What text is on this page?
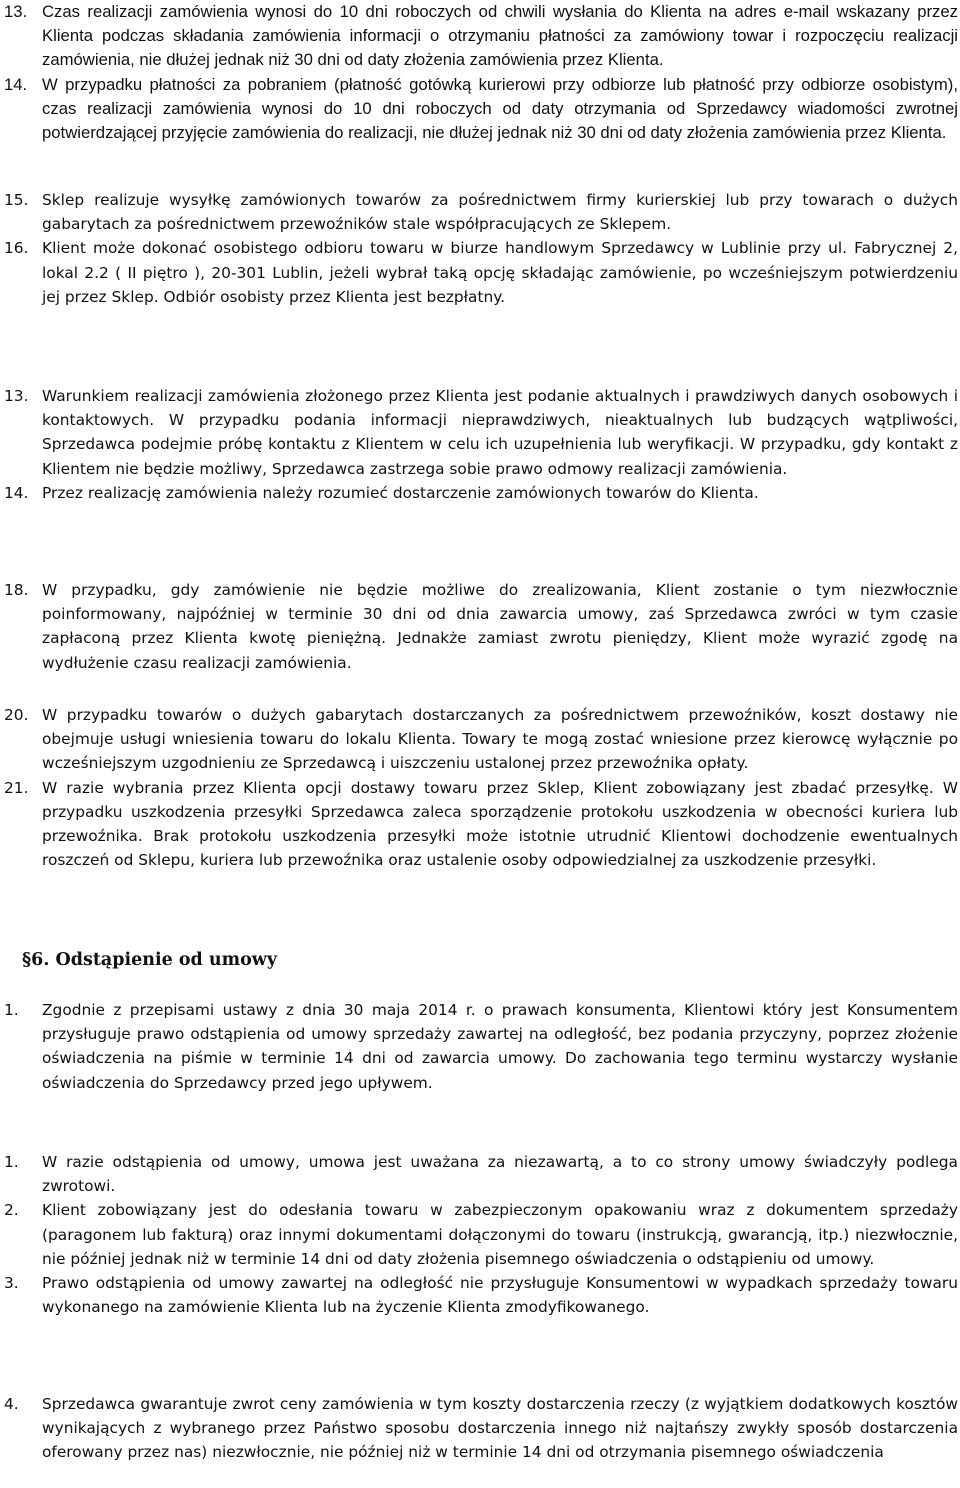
13. Czas realizacji zamówienia wynosi do 10 dni roboczych od chwili wysłania do Klienta na adres e-mail wskazany przez Klienta podczas składania zamówienia informacji o otrzymaniu płatności za zamówiony towar i rozpoczęciu realizacji zamówienia, nie dłużej jednak niż 30 dni od daty złożenia zamówienia przez Klienta.
14. W przypadku płatności za pobraniem (płatność gotówką kurierowi przy odbiorze lub płatność przy odbiorze osobistym), czas realizacji zamówienia wynosi do 10 dni roboczych od daty otrzymania od Sprzedawcy wiadomości zwrotnej potwierdzającej przyjęcie zamówienia do realizacji, nie dłużej jednak niż 30 dni od daty złożenia zamówienia przez Klienta.
15. Sklep realizuje wysyłkę zamówionych towarów za pośrednictwem firmy kurierskiej lub przy towarach o dużych gabarytach za pośrednictwem przewoźników stale współpracujących ze Sklepem.
16. Klient może dokonać osobistego odbioru towaru w biurze handlowym Sprzedawcy w Lublinie przy ul. Fabrycznej 2, lokal 2.2 ( II piętro ), 20-301 Lublin, jeżeli wybrał taką opcję składając zamówienie, po wcześniejszym potwierdzeniu jej przez Sklep. Odbiór osobisty przez Klienta jest bezpłatny.
13. Warunkiem realizacji zamówienia złożonego przez Klienta jest podanie aktualnych i prawdziwych danych osobowych i kontaktowych. W przypadku podania informacji nieprawdziwych, nieaktualnych lub budzących wątpliwości, Sprzedawca podejmie próbę kontaktu z Klientem w celu ich uzupełnienia lub weryfikacji. W przypadku, gdy kontakt z Klientem nie będzie możliwy, Sprzedawca zastrzega sobie prawo odmowy realizacji zamówienia.
14. Przez realizację zamówienia należy rozumieć dostarczenie zamówionych towarów do Klienta.
18. W przypadku, gdy zamówienie nie będzie możliwe do zrealizowania, Klient zostanie o tym niezwłocznie poinformowany, najpóźniej w terminie 30 dni od dnia zawarcia umowy, zaś Sprzedawca zwróci w tym czasie zapłaconą przez Klienta kwotę pieniężną. Jednakże zamiast zwrotu pieniędzy, Klient może wyrazić zgodę na wydłużenie czasu realizacji zamówienia.
20. W przypadku towarów o dużych gabarytach dostarczanych za pośrednictwem przewoźników, koszt dostawy nie obejmuje usługi wniesienia towaru do lokalu Klienta. Towary te mogą zostać wniesione przez kierowcę wyłącznie po wcześniejszym uzgodnieniu ze Sprzedawcą i uiszczeniu ustalonej przez przewoźnika opłaty.
21. W razie wybrania przez Klienta opcji dostawy towaru przez Sklep, Klient zobowiązany jest zbadać przesyłkę. W przypadku uszkodzenia przesyłki Sprzedawca zaleca sporządzenie protokołu uszkodzenia w obecności kuriera lub przewoźnika. Brak protokołu uszkodzenia przesyłki może istotnie utrudnić Klientowi dochodzenie ewentualnych roszczeń od Sklepu, kuriera lub przewoźnika oraz ustalenie osoby odpowiedzialnej za uszkodzenie przesyłki.
§6. Odstąpienie od umowy
1.	Zgodnie z przepisami ustawy z dnia 30 maja 2014 r. o prawach konsumenta, Klientowi który jest Konsumentem przysługuje prawo odstąpienia od umowy sprzedaży zawartej na odległość, bez podania przyczyny, poprzez złożenie oświadczenia na piśmie w terminie 14 dni od zawarcia umowy. Do zachowania tego terminu wystarczy wysłanie oświadczenia do Sprzedawcy przed jego upływem.
1.	W razie odstąpienia od umowy, umowa jest uważana za niezawartą, a to co strony umowy świadczyły podlega zwrotowi.
2.	Klient zobowiązany jest do odesłania towaru w zabezpieczonym opakowaniu wraz z dokumentem sprzedaży (paragonem lub fakturą) oraz innymi dokumentami dołączonymi do towaru (instrukcją, gwarancją, itp.) niezwłocznie, nie później jednak niż w terminie 14 dni od daty złożenia pisemnego oświadczenia o odstąpieniu od umowy.
3.	Prawo odstąpienia od umowy zawartej na odległość nie przysługuje Konsumentowi w wypadkach sprzedaży towaru wykonanego na zamówienie Klienta lub na życzenie Klienta zmodyfikowanego.
4.	Sprzedawca gwarantuje zwrot ceny zamówienia w tym koszty dostarczenia rzeczy (z wyjątkiem dodatkowych kosztów wynikających z wybranego przez Państwo sposobu dostarczenia innego niż najtańszy zwykły sposób dostarczenia oferowany przez nas) niezwłocznie, nie później niż w terminie 14 dni od otrzymania pisemnego oświadczenia
